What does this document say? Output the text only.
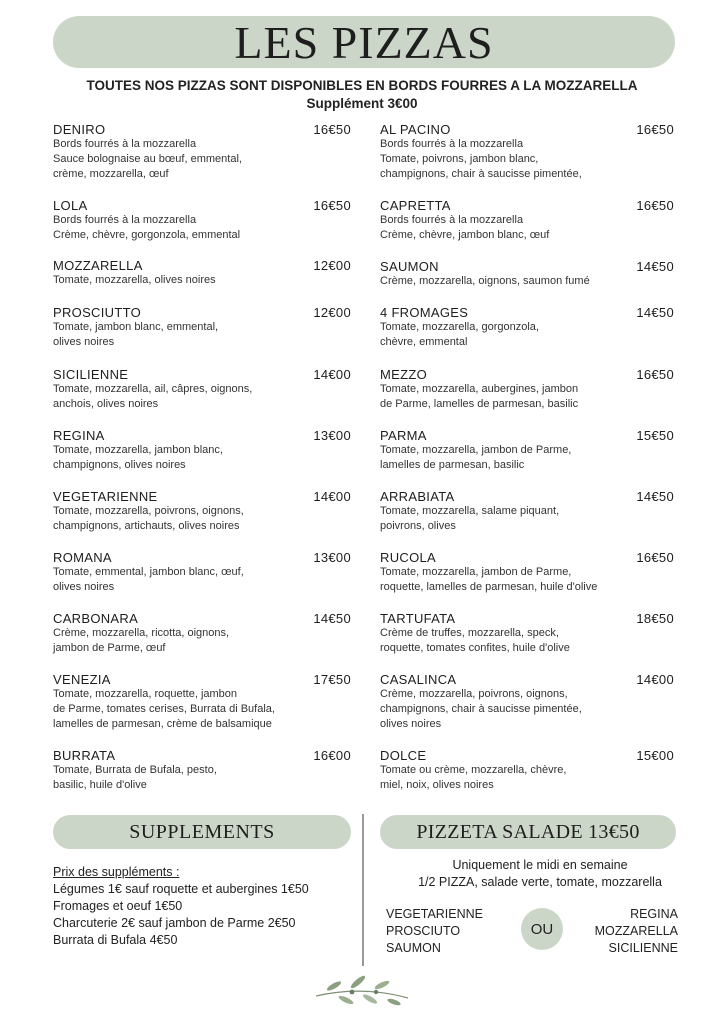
LES PIZZAS
TOUTES NOS PIZZAS SONT DISPONIBLES EN BORDS FOURRES A LA MOZZARELLA
Supplément 3€00
DENIRO	16€50
Bords fourrés à la mozzarella
Sauce bolognaise au bœuf, emmental,
crème, mozzarella, œuf
LOLA	16€50
Bords fourrés à la mozzarella
Crème, chèvre, gorgonzola, emmental
MOZZARELLA	12€00
Tomate, mozzarella, olives noires
PROSCIUTTO	12€00
Tomate, jambon blanc, emmental,
olives noires
SICILIENNE	14€00
Tomate, mozzarella, ail, câpres, oignons,
anchois, olives noires
REGINA	13€00
Tomate, mozzarella, jambon blanc,
champignons, olives noires
VEGETARIENNE	14€00
Tomate, mozzarella, poivrons, oignons,
champignons, artichauts, olives noires
ROMANA	13€00
Tomate, emmental, jambon blanc, œuf,
olives noires
CARBONARA	14€50
Crème, mozzarella, ricotta, oignons,
jambon de Parme, œuf
VENEZIA	17€50
Tomate, mozzarella, roquette, jambon
de Parme, tomates cerises, Burrata di Bufala,
lamelles de parmesan, crème de balsamique
BURRATA	16€00
Tomate, Burrata de Bufala, pesto,
basilic, huile d'olive
AL PACINO	16€50
Bords fourrés à la mozzarella
Tomate, poivrons, jambon blanc,
champignons, chair à saucisse pimentée,
CAPRETTA	16€50
Bords fourrés à la mozzarella
Crème, chèvre, jambon blanc, œuf
SAUMON	14€50
Crème, mozzarella, oignons, saumon fumé
4 FROMAGES	14€50
Tomate, mozzarella, gorgonzola,
chèvre, emmental
MEZZO	16€50
Tomate, mozzarella, aubergines, jambon
de Parme, lamelles de parmesan, basilic
PARMA	15€50
Tomate, mozzarella, jambon de Parme,
lamelles de parmesan, basilic
ARRABIATA	14€50
Tomate, mozzarella, salame piquant,
poivrons, olives
RUCOLA	16€50
Tomate, mozzarella, jambon de Parme,
roquette, lamelles de parmesan, huile d'olive
TARTUFATA	18€50
Crème de truffes, mozzarella, speck,
roquette, tomates confites, huile d'olive
CASALINCA	14€00
Crème, mozzarella, poivrons, oignons,
champignons, chair à saucisse pimentée,
olives noires
DOLCE	15€00
Tomate ou crème, mozzarella, chèvre,
miel, noix, olives noires
SUPPLEMENTS
Prix des suppléments :
Légumes 1€ sauf roquette et aubergines 1€50
Fromages et oeuf 1€50
Charcuterie 2€ sauf jambon de Parme 2€50
Burrata di Bufala 4€50
PIZZETA SALADE 13€50
Uniquement le midi en semaine
1/2 PIZZA, salade verte, tomate, mozzarella
VEGETARIENNE
PROSCIUTO
SAUMON
OU
REGINA
MOZZARELLA
SICILIENNE
